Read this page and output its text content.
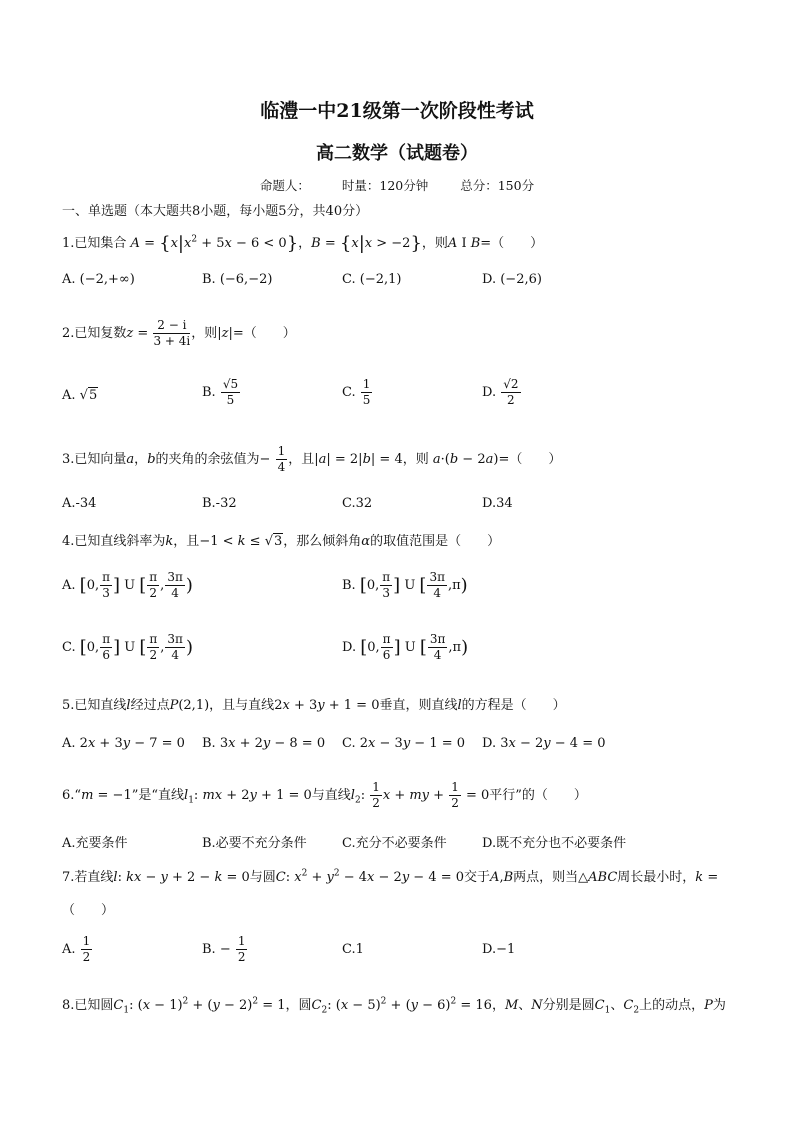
临澧一中21级第一次阶段性考试
高二数学（试题卷）
命题人：	时量：120分钟	总分：150分
一、单选题（本大题共8小题，每小题5分，共40分）
1.已知集合 $A = \{x|x^2 + 5x - 6 < 0\}$，B = {x|x > −2}，则A I B=（　　）
A. (−2,+∞)	B. (−6,−2)	C. (−2,1)	D. (−2,6)
2.已知复数$z = \frac{2 - i}{3 + 4i}$ ，则|z|=（　　）
A. √5	B. $\frac{√5}{5}$	C. $\frac{1}{5}$	D. $\frac{√2}{2}$
3.已知向量a，b的夹角的余弦值为− $\frac{1}{4}$ ，且|a| = 2|b| = 4，则 a·(b − 2a)=（　　）
A.-34	B.-32	C.32	D.34
4.已知直线斜率为k，且−1 < k ≤ √3，那么倾斜角α的取值范围是（　　）
A. [0, $\frac{\pi}{3}$ ] U [ $\frac{\pi}{2}$ , $\frac{3\pi}{4}$ )	B. [0, $\frac{\pi}{3}$ ] U [ $\frac{3\pi}{4} ,\pi$)
C. [0, $\frac{\pi}{6}$ ] U [ $\frac{\pi}{2}$ , $\frac{3\pi}{4}$ )	D. [0, $\frac{\pi}{6}$ ] U [ $\frac{3\pi}{4} ,\pi$)
5.已知直线l经过点P(2,1)，且与直线2x + 3y + 1 = 0垂直，则直线l的方程是（　　）
A. 2x + 3y − 7 = 0 B. 3x + 2y − 8 = 0 C. 2x − 3y − 1 = 0 D. 3x − 2y − 4 = 0
6.“m = −1”是“直线$l_1$: mx + 2y + 1 = 0与直线$l_2$: $\frac{1}{2}$ x + my + $\frac{1}{2} = 0$平行”的（　　）
A.充要条件	B.必要不充分条件	C.充分不必要条件	D.既不充分也不必要条件
7.若直线l: kx − y + 2 − k = 0与圆C: $x^2 + y^2 - 4x - 2y - 4 = 0$交于A,B两点，则当△ABC周长最小时，k =
（　　）
A. $\frac{1}{2}$	B. − $\frac{1}{2}$	C.1	D.−1
8.已知圆$C_1$: $(x - 1)^2 + (y - 2)^2 = 1$，圆$C_2$: $(x - 5)^2 + (y - 6)^2 = 16$，M、N分别是圆$C_1$、$C_2$上的动点，P为
